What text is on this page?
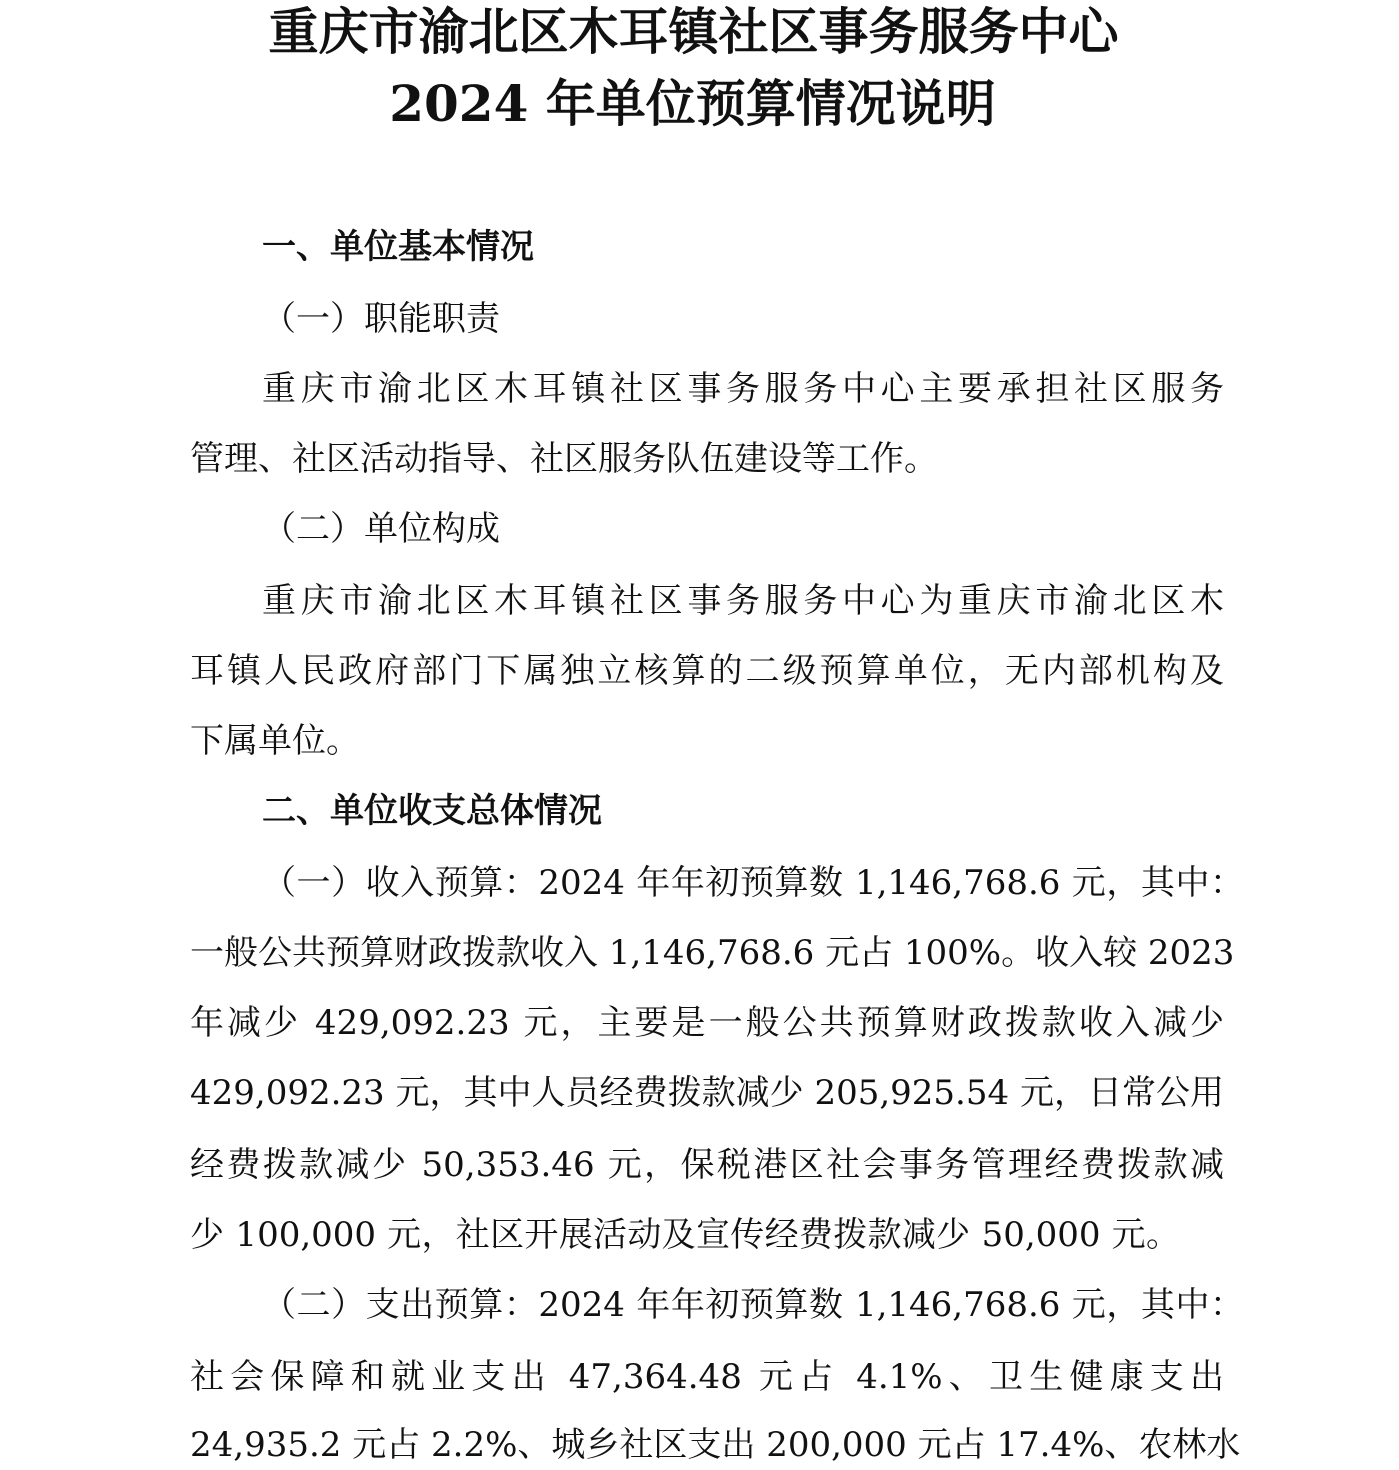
重庆市渝北区木耳镇社区事务服务中心
2024 年单位预算情况说明
一、单位基本情况
（一）职能职责
重庆市渝北区木耳镇社区事务服务中心主要承担社区服务
管理、社区活动指导、社区服务队伍建设等工作。
（二）单位构成
重庆市渝北区木耳镇社区事务服务中心为重庆市渝北区木
耳镇人民政府部门下属独立核算的二级预算单位，无内部机构及
下属单位。
二、单位收支总体情况
（一）收入预算：2024 年年初预算数 1,146,768.6 元，其中：
一般公共预算财政拨款收入 1,146,768.6 元占 100%。收入较 2023
年减少 429,092.23 元，主要是一般公共预算财政拨款收入减少
429,092.23 元，其中人员经费拨款减少 205,925.54 元，日常公用
经费拨款减少 50,353.46 元，保税港区社会事务管理经费拨款减
少 100,000 元，社区开展活动及宣传经费拨款减少 50,000 元。
（二）支出预算：2024 年年初预算数 1,146,768.6 元，其中：
社会保障和就业支出 47,364.48 元占 4.1%、卫生健康支出
24,935.2 元占 2.2%、城乡社区支出 200,000 元占 17.4%、农林水
